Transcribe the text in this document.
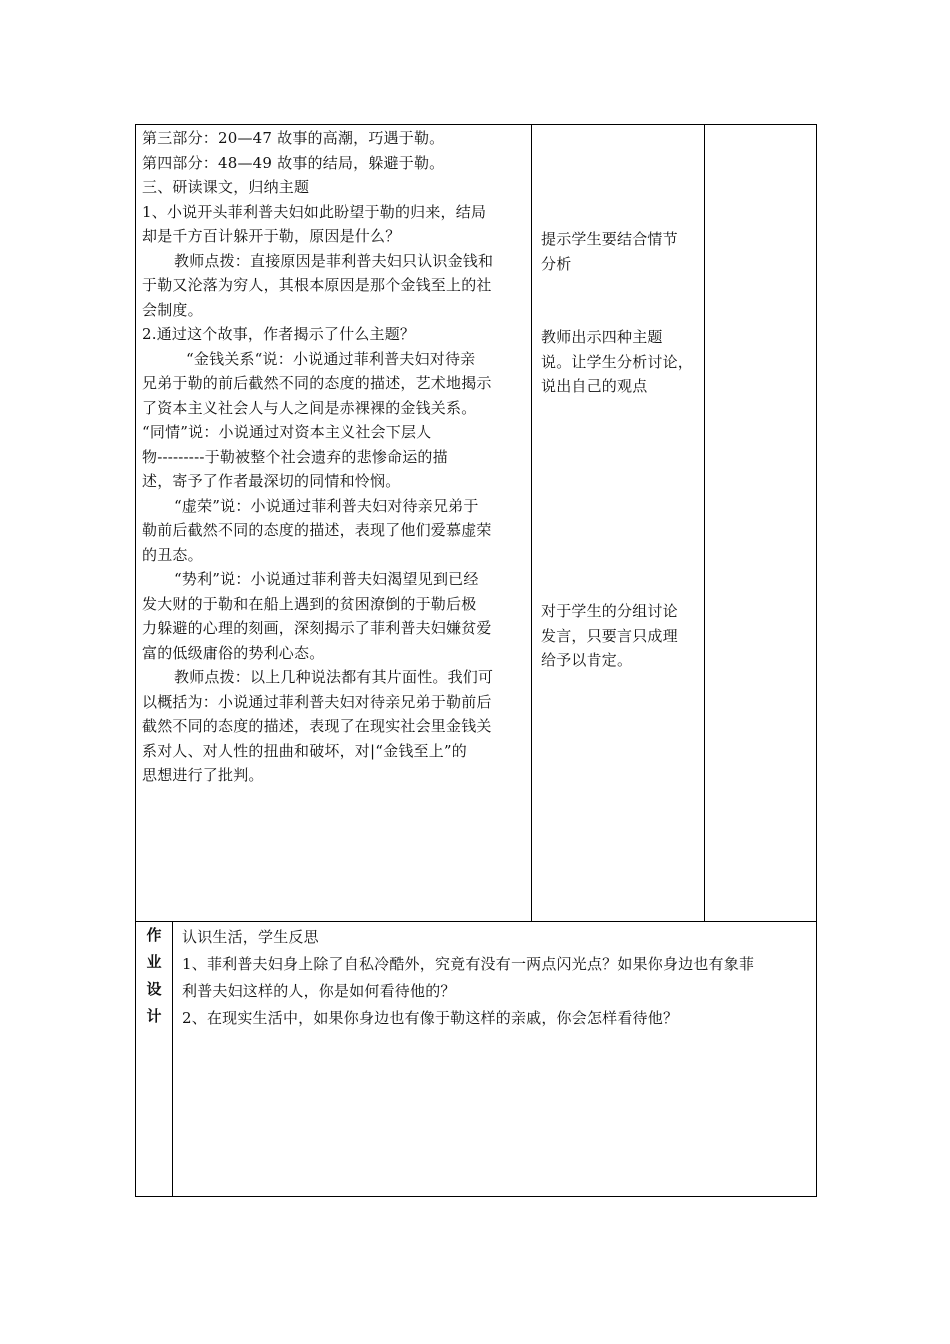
第三部分：20—47 故事的高潮，巧遇于勒。
第四部分：48—49 故事的结局，躲避于勒。
三、研读课文，归纳主题
1、小说开头菲利普夫妇如此盼望于勒的归来，结局
却是千方百计躲开于勒，原因是什么？
教师点拨：直接原因是菲利普夫妇只认识金钱和
于勒又沦落为穷人，其根本原因是那个金钱至上的社
会制度。
2.通过这个故事，作者揭示了什么主题？
“金钱关系“说：小说通过菲利普夫妇对待亲
兄弟于勒的前后截然不同的态度的描述，艺术地揭示
了资本主义社会人与人之间是赤裸裸的金钱关系。
“同情”说：小说通过对资本主义社会下层人
物---------于勒被整个社会遗弃的悲惨命运的描
述，寄予了作者最深切的同情和怜悯。
“虚荣”说：小说通过菲利普夫妇对待亲兄弟于
勒前后截然不同的态度的描述，表现了他们爱慕虚荣
的丑态。
“势利”说：小说通过菲利普夫妇渴望见到已经
发大财的于勒和在船上遇到的贫困潦倒的于勒后极
力躲避的心理的刻画，深刻揭示了菲利普夫妇嫌贫爱
富的低级庸俗的势利心态。
教师点拨：以上几种说法都有其片面性。我们可
以概括为：小说通过菲利普夫妇对待亲兄弟于勒前后
截然不同的态度的描述，表现了在现实社会里金钱关
系对人、对人性的扭曲和破坏，对|“金钱至上”的
思想进行了批判。
提示学生要结合情节
分析
教师出示四种主题
说。让学生分析讨论，
说出自己的观点
对于学生的分组讨论
发言，只要言只成理
给予以肯定。
作
业
设
计
认识生活，学生反思
1、菲利普夫妇身上除了自私冷酷外，究竟有没有一两点闪光点？如果你身边也有象菲
利普夫妇这样的人，你是如何看待他的？
2、在现实生活中，如果你身边也有像于勒这样的亲戚，你会怎样看待他？
